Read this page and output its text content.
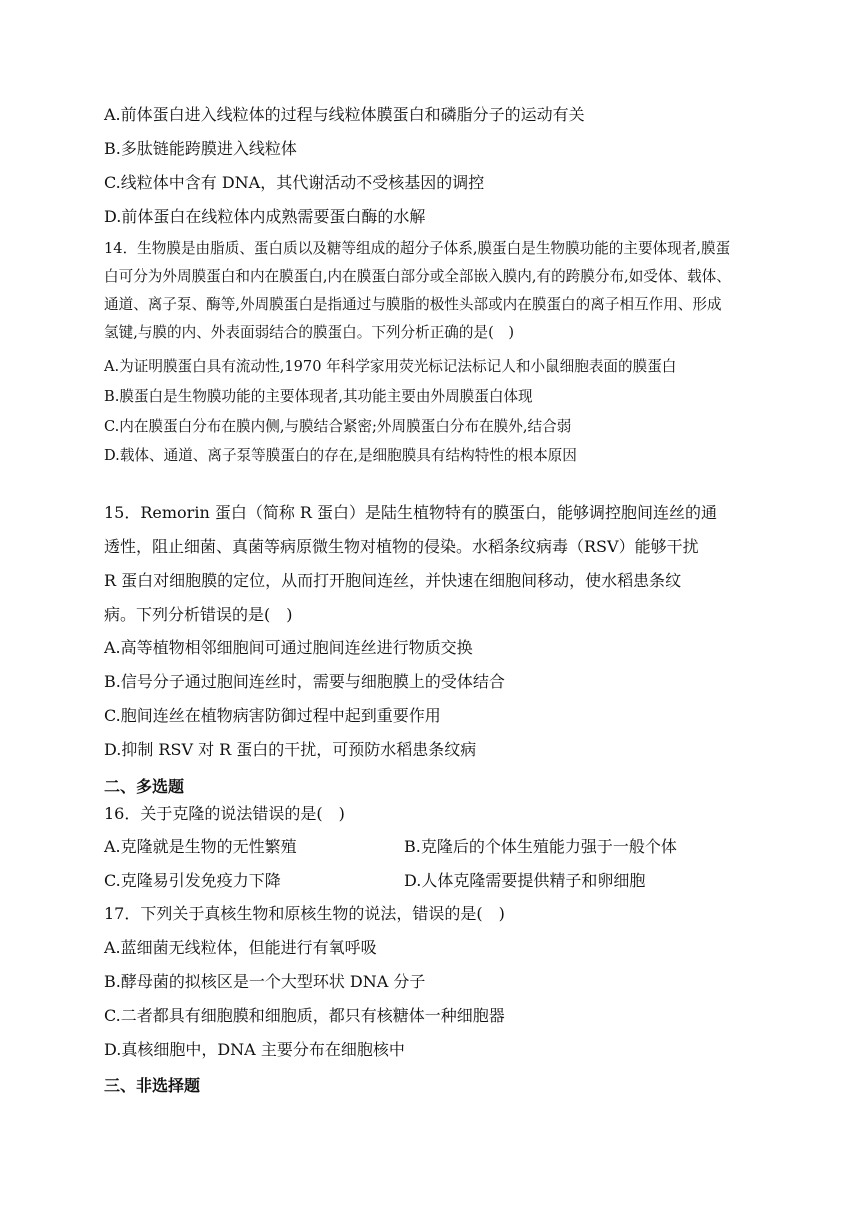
A.前体蛋白进入线粒体的过程与线粒体膜蛋白和磷脂分子的运动有关
B.多肽链能跨膜进入线粒体
C.线粒体中含有 DNA，其代谢活动不受核基因的调控
D.前体蛋白在线粒体内成熟需要蛋白酶的水解
14．生物膜是由脂质、蛋白质以及糖等组成的超分子体系,膜蛋白是生物膜功能的主要体现者,膜蛋
白可分为外周膜蛋白和内在膜蛋白,内在膜蛋白部分或全部嵌入膜内,有的跨膜分布,如受体、载体、
通道、离子泵、酶等,外周膜蛋白是指通过与膜脂的极性头部或内在膜蛋白的离子相互作用、形成
氢键,与膜的内、外表面弱结合的膜蛋白。下列分析正确的是(　)
A.为证明膜蛋白具有流动性,1970 年科学家用荧光标记法标记人和小鼠细胞表面的膜蛋白
B.膜蛋白是生物膜功能的主要体现者,其功能主要由外周膜蛋白体现
C.内在膜蛋白分布在膜内侧,与膜结合紧密;外周膜蛋白分布在膜外,结合弱
D.载体、通道、离子泵等膜蛋白的存在,是细胞膜具有结构特性的根本原因
15．Remorin 蛋白（简称 R 蛋白）是陆生植物特有的膜蛋白，能够调控胞间连丝的通
透性，阻止细菌、真菌等病原微生物对植物的侵染。水稻条纹病毒（RSV）能够干扰
R 蛋白对细胞膜的定位，从而打开胞间连丝，并快速在细胞间移动，使水稻患条纹
病。下列分析错误的是(　)
A.高等植物相邻细胞间可通过胞间连丝进行物质交换
B.信号分子通过胞间连丝时，需要与细胞膜上的受体结合
C.胞间连丝在植物病害防御过程中起到重要作用
D.抑制 RSV 对 R 蛋白的干扰，可预防水稻患条纹病
二、多选题
16．关于克隆的说法错误的是(　)
A.克隆就是生物的无性繁殖	B.克隆后的个体生殖能力强于一般个体
C.克隆易引发免疫力下降	D.人体克隆需要提供精子和卵细胞
17．下列关于真核生物和原核生物的说法，错误的是(　)
A.蓝细菌无线粒体，但能进行有氧呼吸
B.酵母菌的拟核区是一个大型环状 DNA 分子
C.二者都具有细胞膜和细胞质，都只有核糖体一种细胞器
D.真核细胞中，DNA 主要分布在细胞核中
三、非选择题
